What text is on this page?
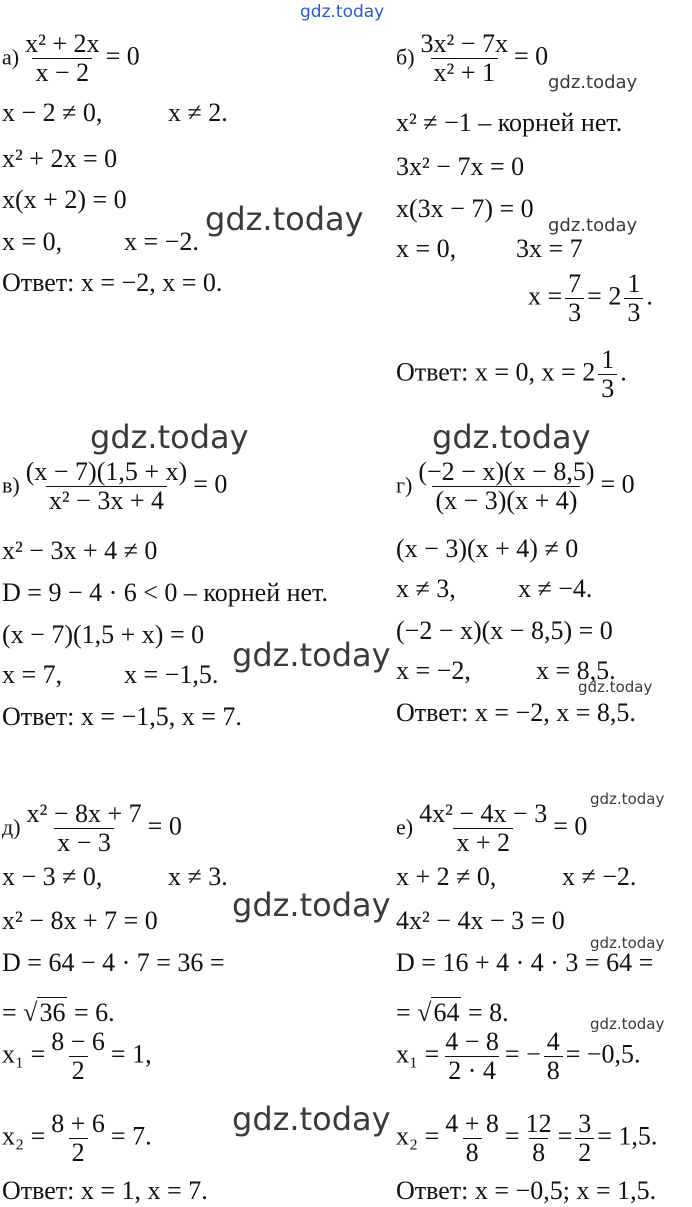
gdz.today
gdz.today
gdz.today	gdz.today
gdz.today
gdz.today
gdz.today
gdz.today
gdz.today
gdz.today
gdz.today
gdz.today
gdz.today
$а) \frac{\text{x² + 2x}}{x - 2} = 0$
x − 2 ≠ 0,	x ≠ 2.
x² + 2x = 0
x(x + 2) = 0
x = 0, x = −2.
Ответ: x = −2, x = 0.
$б) \frac{\text{3x² − 7x}}{\text{x² + 1}} = 0$
x² ≠ −1 – корней нет.
3x² − 7x = 0
x(3x − 7) = 0
x = 0, 3x = 7
$x = \frac{7}{3} = 2 \frac{1}{3}$ .
Ответ: x = 0, $x = 2 \frac{1}{3}$ .
$в) \frac{(x - 7)(1,5 + x)}{\text{x² − 3x + 4}} = 0$
x² − 3x + 4 ≠ 0
D = 9 − 4 · 6 < 0 – корней нет.
(x − 7)(1,5 + x) = 0
x = 7, x = −1,5.
Ответ: x = −1,5, x = 7.
$г) \frac{(-2 - x)(x - 8,5)}{(x - 3)(x + 4)} = 0$
(x − 3)(x + 4) ≠ 0
x ≠ 3, x ≠ −4.
(−2 − x)(x − 8,5) = 0
x = −2,	x = 8,5.
Ответ: x = −2, x = 8,5.
$д) \frac{\text{x² − 8x + 7}}{x - 3} = 0$
x − 3 ≠ 0,	x ≠ 3.
x² − 8x + 7 = 0
D = 64 − 4 · 7 = 36 =
= √36 = 6.
$x_1 = \frac{8 - 6}{2} = 1$,
$x_2 = \frac{8 + 6}{2} = 7$.
Ответ: x = 1, x = 7.
$е) \frac{\text{4x² − 4x − 3}}{x + 2} = 0$
x + 2 ≠ 0,	x ≠ −2.
4x² − 4x − 3 = 0
D = 16 + 4 · 4 · 3 = 64 =
= √64 = 8.
$x_1 = \frac{4 - 8}{2 \cdot 4}$ = − $\frac{4}{8} = -0,5$.
$x_2 = \frac{4 + 8}{8} = \frac{12}{8} = \frac{3}{2} = 1,5$.
Ответ: x = −0,5; x = 1,5.
